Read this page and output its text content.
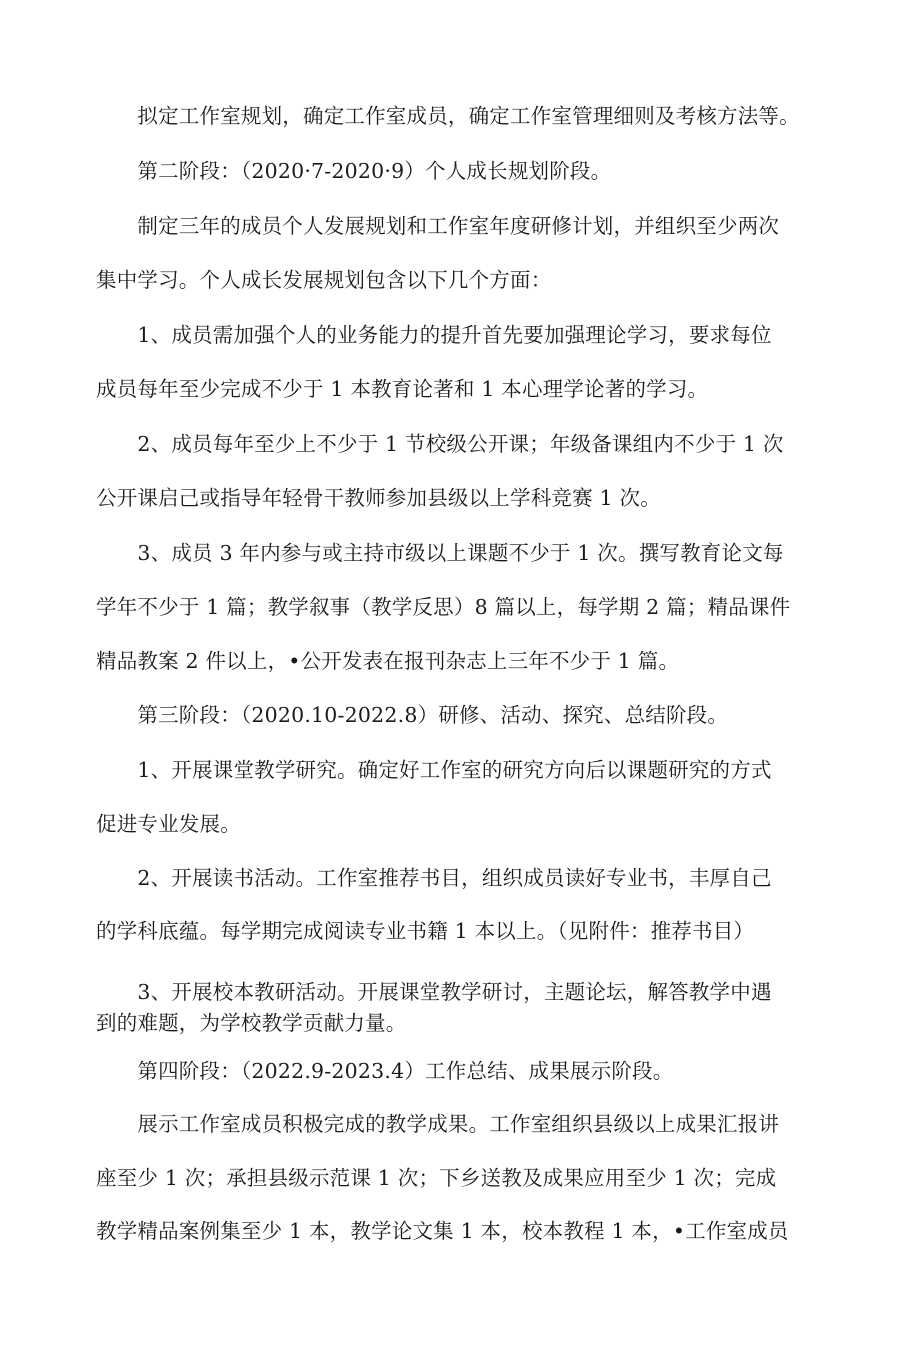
　　拟定工作室规划，确定工作室成员，确定工作室管理细则及考核方法等。
　　第二阶段：（2020·7-2020·9）个人成长规划阶段。
　　制定三年的成员个人发展规划和工作室年度研修计划，并组织至少两次
集中学习。个人成长发展规划包含以下几个方面：
　　1、成员需加强个人的业务能力的提升首先要加强理论学习，要求每位
成员每年至少完成不少于 1 本教育论著和 1 本心理学论著的学习。
　　2、成员每年至少上不少于 1 节校级公开课；年级备课组内不少于 1 次
公开课启己或指导年轻骨干教师参加县级以上学科竞赛 1 次。
　　3、成员 3 年内参与或主持市级以上课题不少于 1 次。撰写教育论文每
学年不少于 1 篇；教学叙事（教学反思）8 篇以上，每学期 2 篇；精品课件
精品教案 2 件以上，•公开发表在报刊杂志上三年不少于 1 篇。
　　第三阶段：（2020.10-2022.8）研修、活动、探究、总结阶段。
　　1、开展课堂教学研究。确定好工作室的研究方向后以课题研究的方式
促进专业发展。
　　2、开展读书活动。工作室推荐书目，组织成员读好专业书，丰厚自己
的学科底蕴。每学期完成阅读专业书籍 1 本以上。（见附件：推荐书目）
　　3、开展校本教研活动。开展课堂教学研讨，主题论坛，解答教学中遇
到的难题，为学校教学贡献力量。
　　第四阶段：（2022.9-2023.4）工作总结、成果展示阶段。
　　展示工作室成员积极完成的教学成果。工作室组织县级以上成果汇报讲
座至少 1 次；承担县级示范课 1 次；下乡送教及成果应用至少 1 次；完成
教学精品案例集至少 1 本，教学论文集 1 本，校本教程 1 本，•工作室成员
